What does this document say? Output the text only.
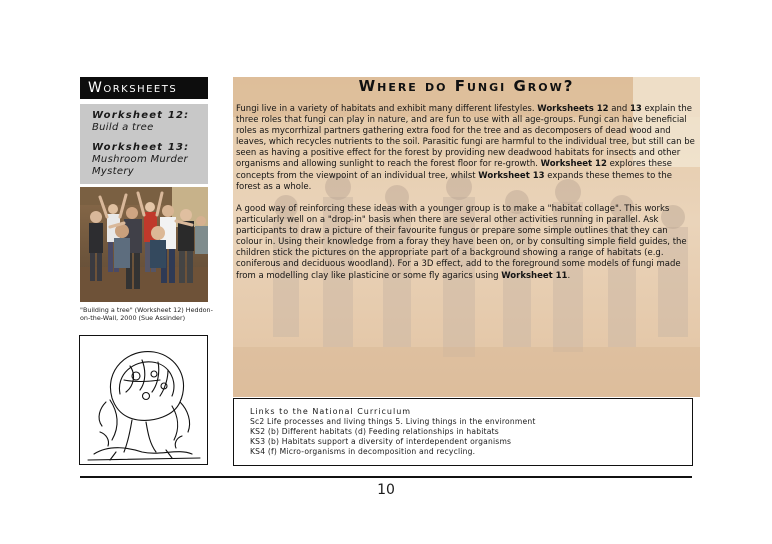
Worksheets
Worksheet 12:
Build a tree
Worksheet 13:
Mushroom Murder
Mystery
"Building a tree" (Worksheet 12) Heddon-on-the-Wall, 2000 (Sue Assinder)
Where do Fungi Grow?

Fungi live in a variety of habitats and exhibit many different lifestyles. Worksheets 12 and 13 explain the three roles that fungi can play in nature, and are fun to use with all age-groups. Fungi can have beneficial roles as mycorrhizal partners gathering extra food for the tree and as decomposers of dead wood and leaves, which recycles nutrients to the soil. Parasitic fungi are harmful to the individual tree, but still can be seen as having a positive effect for the forest by providing new deadwood habitats for insects and other organisms and allowing sunlight to reach the forest floor for re-growth. Worksheet 12 explores these concepts from the viewpoint of an individual tree, whilst Worksheet 13 expands these themes to the forest as a whole.

A good way of reinforcing these ideas with a younger group is to make a "habitat collage". This works particularly well on a "drop-in" basis when there are several other activities running in parallel. Ask participants to draw a picture of their favourite fungus or prepare some simple outlines that they can colour in. Using their knowledge from a foray they have been on, or by consulting simple field guides, the children stick the pictures on the appropriate part of a background showing a range of habitats (e.g. coniferous and deciduous woodland). For a 3D effect, add to the foreground some models of fungi made from a modelling clay like plasticine or some fly agarics using Worksheet 11.

Links to the National Curriculum
Sc2 Life processes and living things 5. Living things in the environment
KS2 (b) Different habitats (d) Feeding relationships in habitats
KS3 (b) Habitats support a diversity of interdependent organisms
KS4 (f) Micro-organisms in decomposition and recycling.
10
